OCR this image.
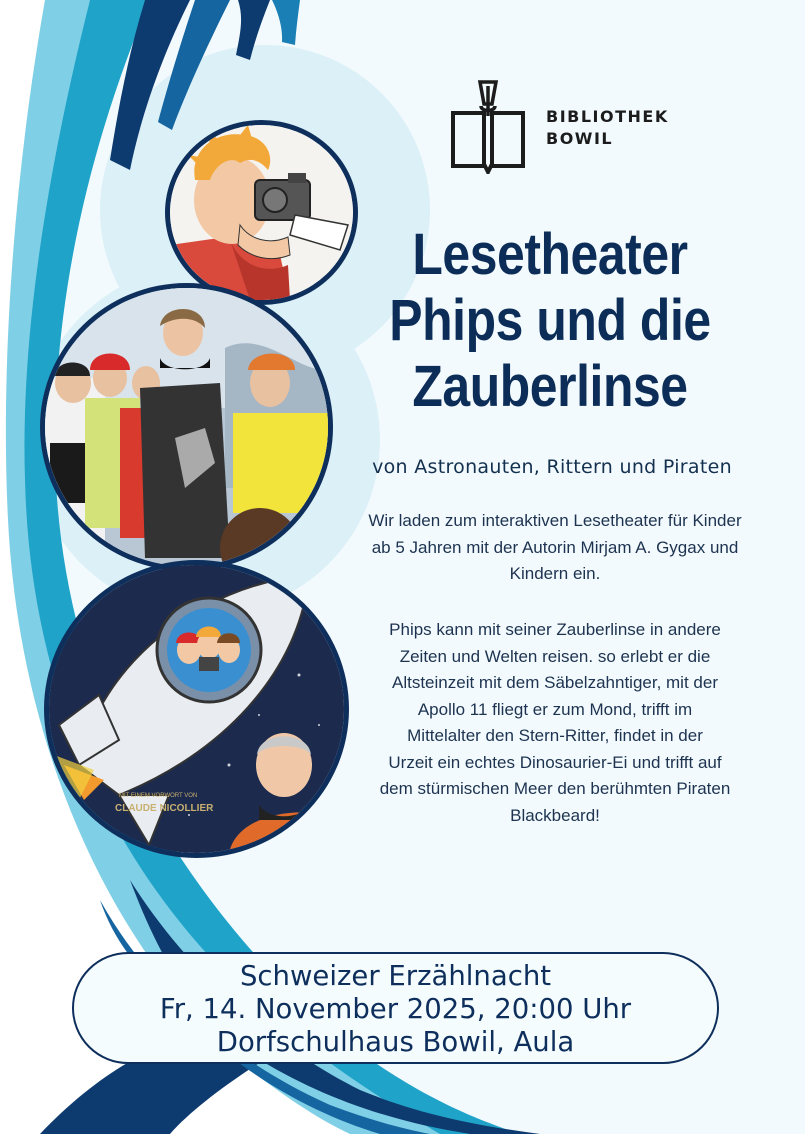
BIBLIOTHEK
BOWIL
MIT EINEM VORWORT VON
CLAUDE NICOLLIER
Lesetheater
Phips und die
Zauberlinse
von Astronauten, Rittern und Piraten
Wir laden zum interaktiven Lesetheater für Kinder
ab 5 Jahren mit der Autorin Mirjam A. Gygax und
Kindern ein.
Phips kann mit seiner Zauberlinse in andere
Zeiten und Welten reisen. so erlebt er die
Altsteinzeit mit dem Säbelzahntiger, mit der
Apollo 11 fliegt er zum Mond, trifft im
Mittelalter den Stern-Ritter, findet in der
Urzeit ein echtes Dinosaurier-Ei und trifft auf
dem stürmischen Meer den berühmten Piraten
Blackbeard!
Schweizer Erzählnacht
Fr, 14. November 2025, 20:00 Uhr
Dorfschulhaus Bowil, Aula
